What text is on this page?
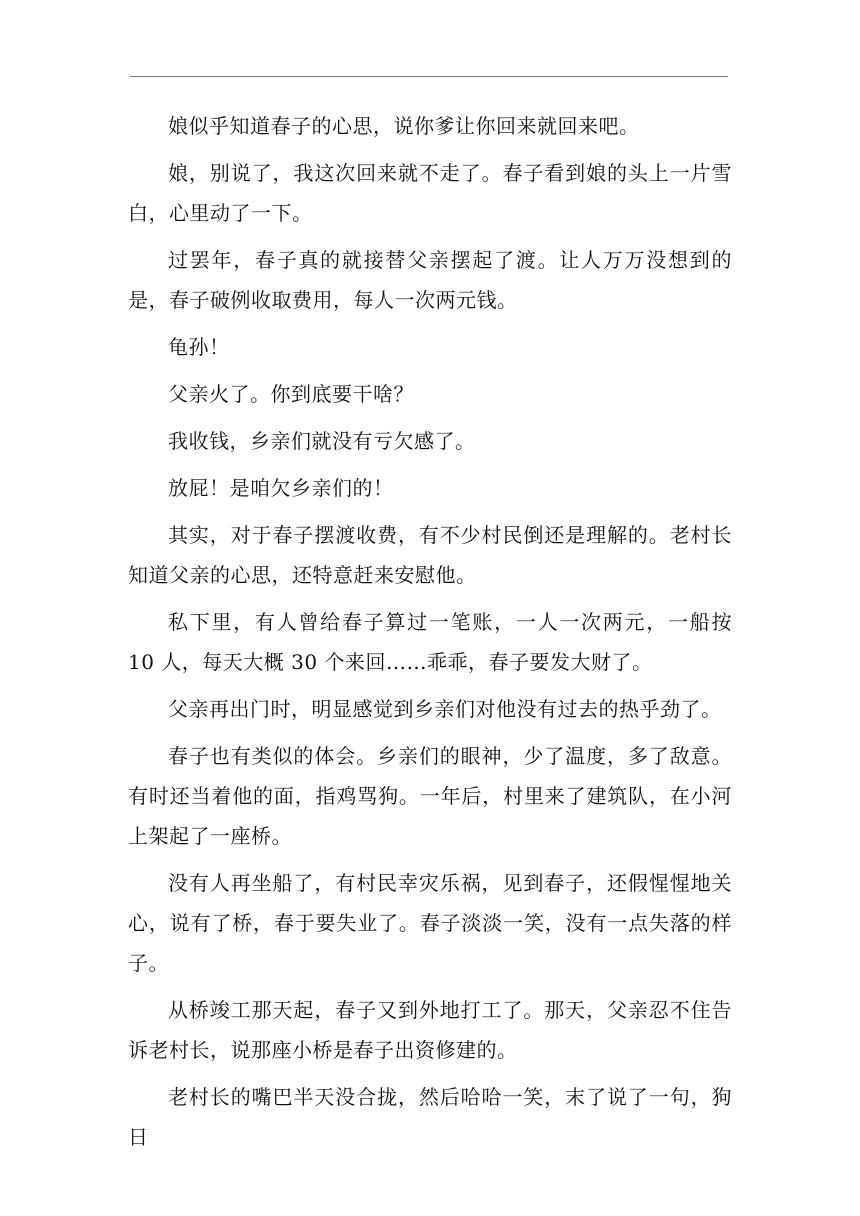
娘似乎知道春子的心思，说你爹让你回来就回来吧。

娘，别说了，我这次回来就不走了。春子看到娘的头上一片雪白，心里动了一下。

过罢年，春子真的就接替父亲摆起了渡。让人万万没想到的是，春子破例收取费用，每人一次两元钱。

龟孙！

父亲火了。你到底要干啥？

我收钱，乡亲们就没有亏欠感了。

放屁！是咱欠乡亲们的！

其实，对于春子摆渡收费，有不少村民倒还是理解的。老村长知道父亲的心思，还特意赶来安慰他。

私下里，有人曾给春子算过一笔账，一人一次两元，一船按 10 人，每天大概 30 个来回……乖乖，春子要发大财了。

父亲再出门时，明显感觉到乡亲们对他没有过去的热乎劲了。

春子也有类似的体会。乡亲们的眼神，少了温度，多了敌意。有时还当着他的面，指鸡骂狗。一年后，村里来了建筑队，在小河上架起了一座桥。

没有人再坐船了，有村民幸灾乐祸，见到春子，还假惺惺地关心，说有了桥，春于要失业了。春子淡淡一笑，没有一点失落的样子。

从桥竣工那天起，春子又到外地打工了。那天，父亲忍不住告诉老村长，说那座小桥是春子出资修建的。

老村长的嘴巴半天没合拢，然后哈哈一笑，末了说了一句，狗日
